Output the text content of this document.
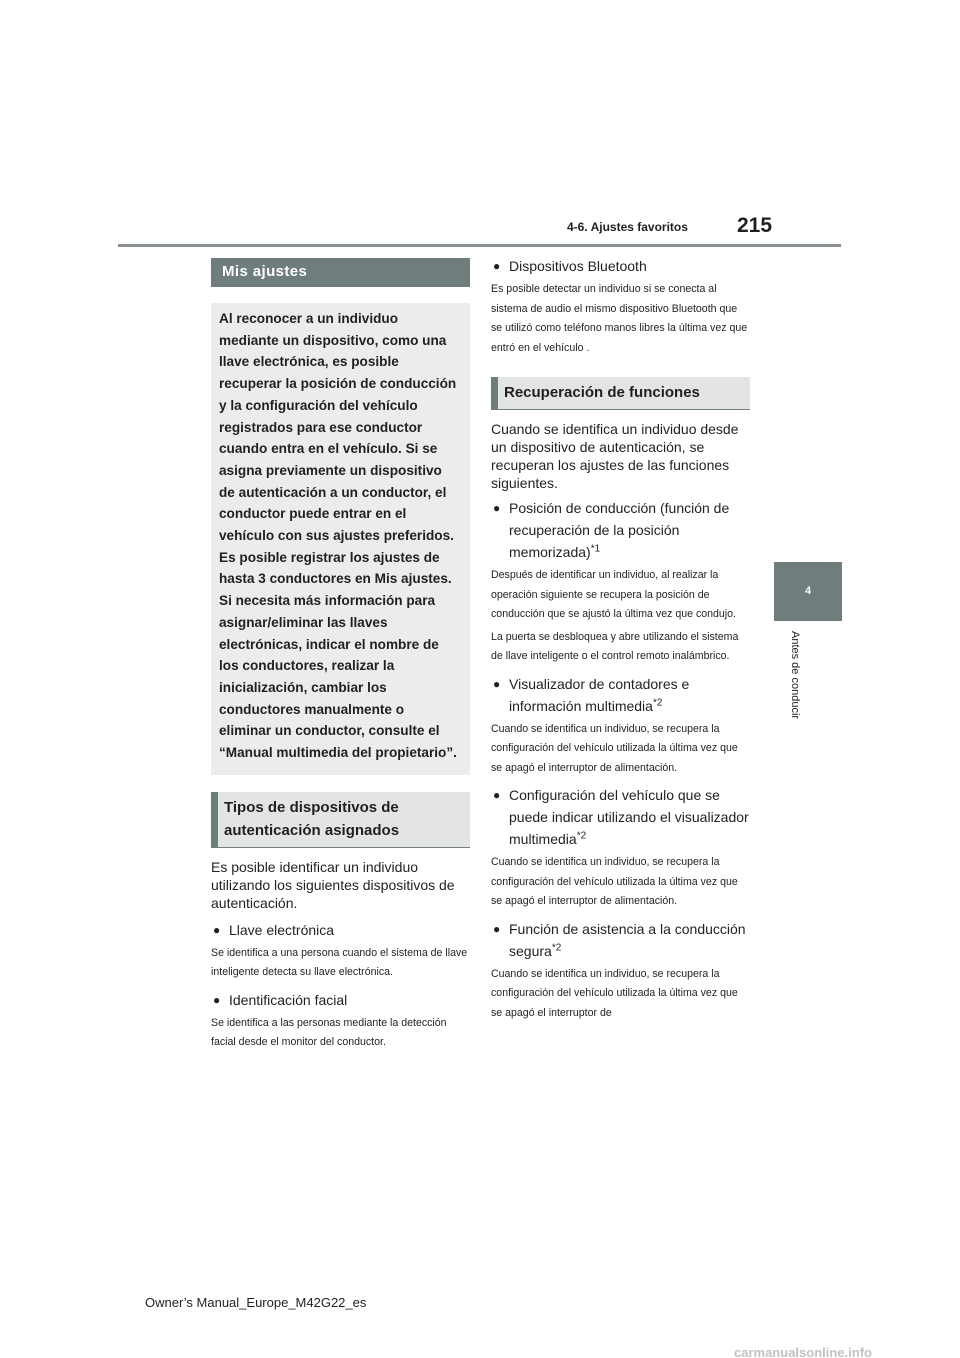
4-6. Ajustes favoritos 215
4
Antes de conducir
Mis ajustes
Al reconocer a un individuo mediante un dispositivo, como una llave electrónica, es posible recuperar la posición de conducción y la configuración del vehículo registrados para ese conductor cuando entra en el vehículo. Si se asigna previamente un dispositivo de autenticación a un conductor, el conductor puede entrar en el vehículo con sus ajustes preferidos. Es posible registrar los ajustes de hasta 3 conductores en Mis ajustes. Si necesita más información para asignar/eliminar las llaves electrónicas, indicar el nombre de los conductores, realizar la inicialización, cambiar los conductores manualmente o eliminar un conductor, consulte el “Manual multimedia del propietario”.
Tipos de dispositivos de autenticación asignados
Es posible identificar un individuo utilizando los siguientes dispositivos de autenticación.
● Llave electrónica
Se identifica a una persona cuando el sistema de llave inteligente detecta su llave electrónica.
● Identificación facial
Se identifica a las personas mediante la detección facial desde el monitor del conductor.
● Dispositivos Bluetooth
Es posible detectar un individuo si se conecta al sistema de audio el mismo dispositivo Bluetooth que se utilizó como teléfono manos libres la última vez que entró en el vehículo .
Recuperación de funciones
Cuando se identifica un individuo desde un dispositivo de autenticación, se recuperan los ajustes de las funciones siguientes.
● Posición de conducción (función de recuperación de la posición memorizada)$^{*1}$
Después de identificar un individuo, al realizar la operación siguiente se recupera la posición de conducción que se ajustó la última vez que condujo.
La puerta se desbloquea y abre utilizando el sistema de llave inteligente o el control remoto inalámbrico.
● Visualizador de contadores e información multimedia$^{*2}$
Cuando se identifica un individuo, se recupera la configuración del vehículo utilizada la última vez que se apagó el interruptor de alimentación.
● Configuración del vehículo que se puede indicar utilizando el visualizador multimedia$^{*2}$
Cuando se identifica un individuo, se recupera la configuración del vehículo utilizada la última vez que se apagó el interruptor de alimentación.
● Función de asistencia a la conducción segura$^{*2}$
Cuando se identifica un individuo, se recupera la configuración del vehículo utilizada la última vez que se apagó el interruptor de
Owner’s Manual_Europe_M42G22_es
carmanualsonline.info
